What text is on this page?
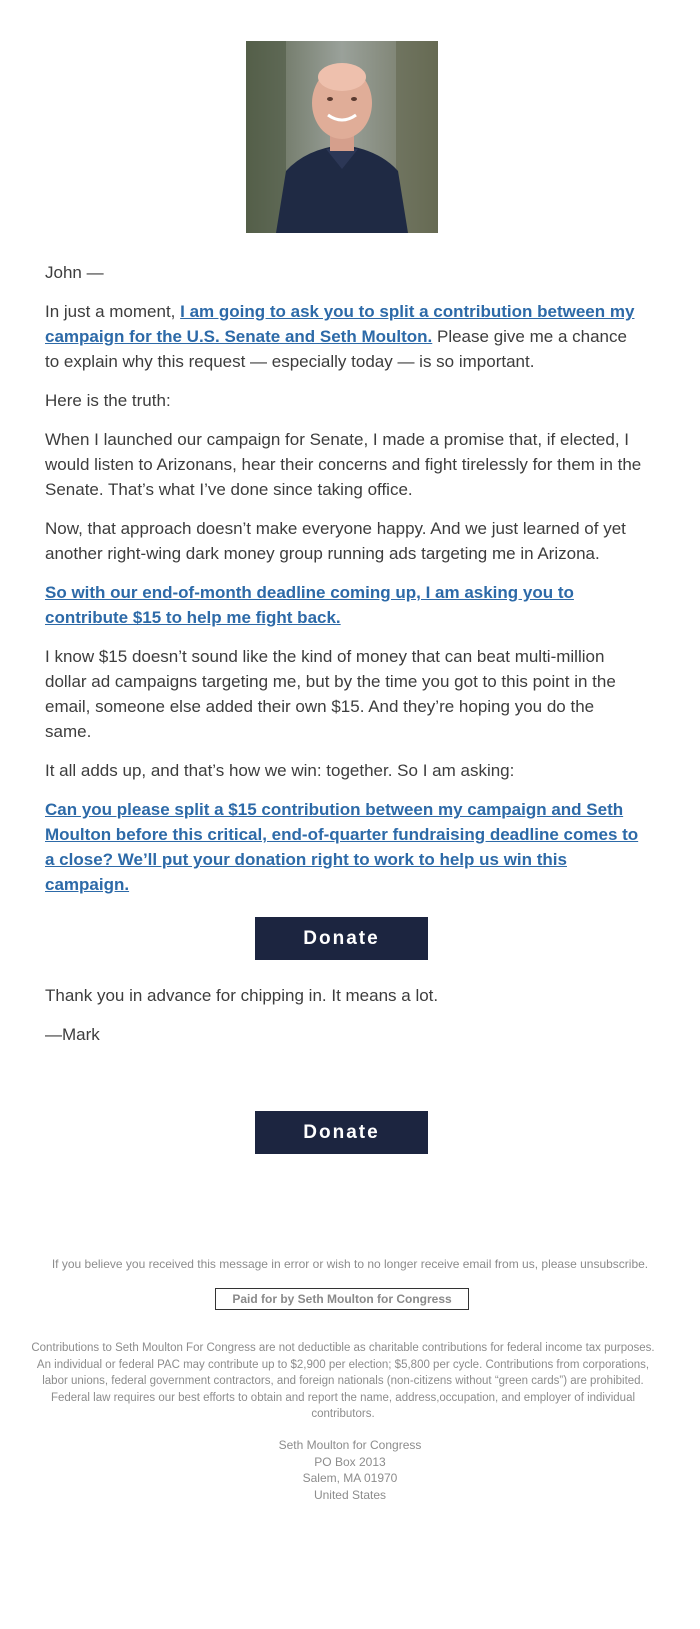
John —

In just a moment, I am going to ask you to split a contribution between my campaign for the U.S. Senate and Seth Moulton. Please give me a chance to explain why this request — especially today — is so important.

Here is the truth:

When I launched our campaign for Senate, I made a promise that, if elected, I would listen to Arizonans, hear their concerns and fight tirelessly for them in the Senate. That’s what I’ve done since taking office.

Now, that approach doesn’t make everyone happy. And we just learned of yet another right-wing dark money group running ads targeting me in Arizona.

So with our end-of-month deadline coming up, I am asking you to contribute $15 to help me fight back.

I know $15 doesn’t sound like the kind of money that can beat multi-million dollar ad campaigns targeting me, but by the time you got to this point in the email, someone else added their own $15. And they’re hoping you do the same.

It all adds up, and that’s how we win: together. So I am asking:

Can you please split a $15 contribution between my campaign and Seth Moulton before this critical, end-of-quarter fundraising deadline comes to a close? We’ll put your donation right to work to help us win this campaign.

Donate

Thank you in advance for chipping in. It means a lot.

—Mark

Donate
If you believe you received this message in error or wish to no longer receive email from us, please unsubscribe.
Paid for by Seth Moulton for Congress
Contributions to Seth Moulton For Congress are not deductible as charitable contributions for federal income tax purposes. An individual or federal PAC may contribute up to $2,900 per election; $5,800 per cycle. Contributions from corporations, labor unions, federal government contractors, and foreign nationals (non-citizens without “green cards”) are prohibited. Federal law requires our best efforts to obtain and report the name, address,occupation, and employer of individual contributors.
Seth Moulton for Congress
PO Box 2013
Salem, MA 01970
United States
